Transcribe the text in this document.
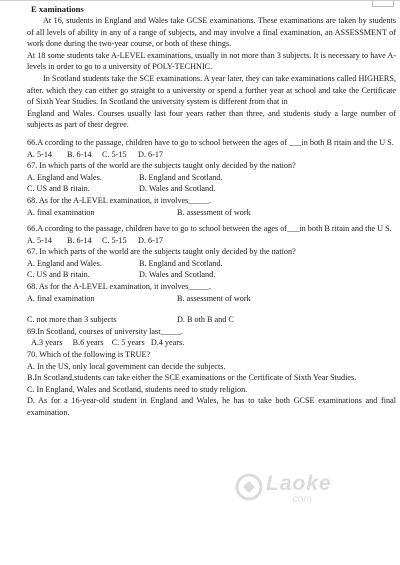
E xaminations
At 16, students in England and Wales take GCSE examinations. These examinations are taken by students of all levels of ability in any of a range of subjects, and may involve a final examination, an ASSESSMENT of work done during the two-year course, or both of these things.
At 18 some students take A-LEVEL examinations, usually in not more than 3 subjects. It is necessary to have A-levels in order to go to a university of POLY-TECHNIC.
In Scotland students take the SCE examinations. A year later, they can take examinations called HIGHERS, after. which they can either go straight to a university or spend a further year at school and take the Certificate of Sixth Year Studies. In Scotland the university system is different from that in
England and Wales. Courses usually last four years rather than three, and students study a large number of subjects as part of their degree.
66.A ccording to the passage, children have to go to school between the ages of ___in both B ritain and the U S.
A. 5-14	B. 6-14	C. 5-15	D. 6-17
67. In which parts of the world are the subjects taught only decided by the nation?
A. England and Wales.	B. England and Scotland.
C. US and B ritain.	D. Wales and Scotland.
68. As for the A-LEVEL examination, it involves_____.
A. final examination	B. assessment of work
66.A ccording to the passage, children have to go to school between the ages of___in both B ritain and the U S.
A. 5-14	B. 6-14	C. 5-15	D. 6-17
67. In which parts of the world are the subjects taught only decided by the nation?
A. England and Wales.	B. England and Scotland.
C. US and B ritain.	D. Wales and Scotland.
68. As for the A-LEVEL examination, it involves_____.
A. final examination	B. assessment of work
C. not more than 3 subjects	D. B oth B and C
69.In Scotland, courses of university last_____.
A.3 years     B.6 years    C. 5 years   D.4 years.
70. Which of the following is TRUE?
A. In the US, only local government can decide the subjects.
B.In Scotland,students can take either the SCE examinations or the Certificate of Sixth Year Studies.
C. In England, Wales and Scotland, students need to study religion.
D. As for a 16-year-old student in England and Wales, he has to take both GCSE examinations and final examination.
Laoke
.com
